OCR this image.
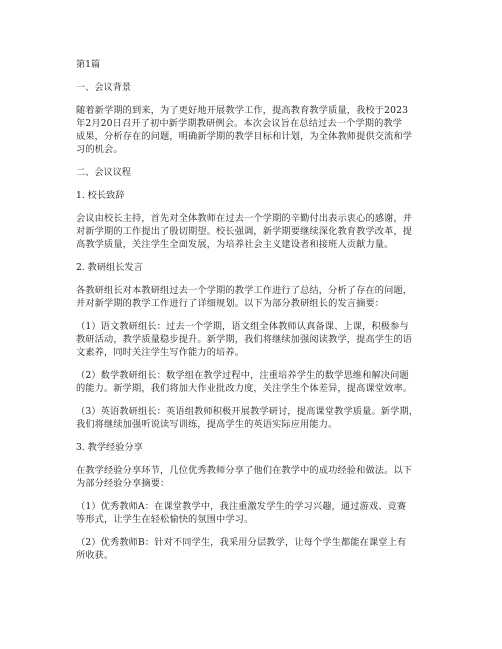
第1篇

一、会议背景

随着新学期的到来，为了更好地开展教学工作，提高教育教学质量，我校于2023

年2月20日召开了初中新学期教研例会。本次会议旨在总结过去一个学期的教学

成果，分析存在的问题，明确新学期的教学目标和计划，为全体教师提供交流和学

习的机会。

二、会议议程

1. 校长致辞

会议由校长主持，首先对全体教师在过去一个学期的辛勤付出表示衷心的感谢，并

对新学期的工作提出了殷切期望。校长强调，新学期要继续深化教育教学改革，提

高教学质量，关注学生全面发展，为培养社会主义建设者和接班人贡献力量。

2. 教研组长发言

各教研组长对本教研组过去一个学期的教学工作进行了总结，分析了存在的问题，

并对新学期的教学工作进行了详细规划。以下为部分教研组长的发言摘要：

（1）语文教研组长：过去一个学期，语文组全体教师认真备课、上课，积极参与

教研活动，教学质量稳步提升。新学期，我们将继续加强阅读教学，提高学生的语

文素养，同时关注学生写作能力的培养。

（2）数学教研组长：数学组在教学过程中，注重培养学生的数学思维和解决问题

的能力。新学期，我们将加大作业批改力度，关注学生个体差异，提高课堂效率。

（3）英语教研组长：英语组教师积极开展教学研讨，提高课堂教学质量。新学期，

我们将继续加强听说读写训练，提高学生的英语实际应用能力。

3. 教学经验分享

在教学经验分享环节，几位优秀教师分享了他们在教学中的成功经验和做法。以下

为部分经验分享摘要：

（1）优秀教师A：在课堂教学中，我注重激发学生的学习兴趣，通过游戏、竞赛

等形式，让学生在轻松愉快的氛围中学习。

（2）优秀教师B：针对不同学生，我采用分层教学，让每个学生都能在课堂上有

所收获。
